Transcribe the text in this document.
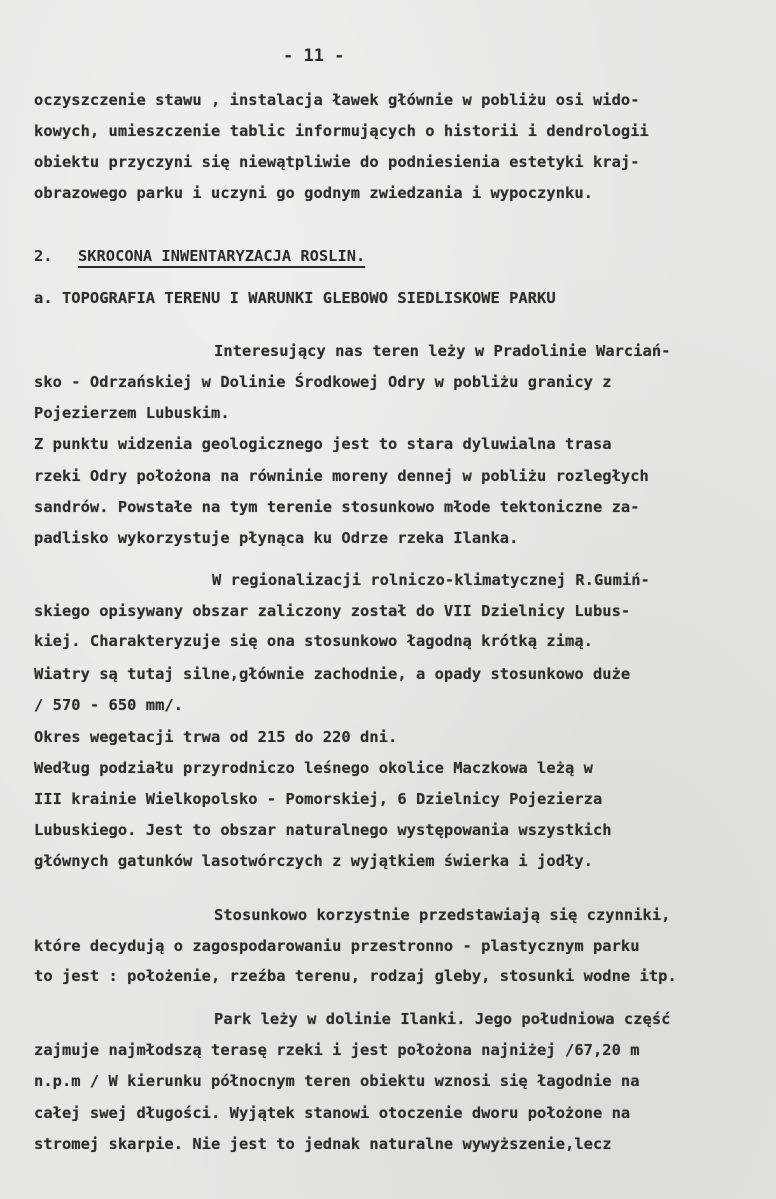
- 11 -
oczyszczenie stawu , instalacja ławek głównie w pobliżu osi wido-
kowych, umieszczenie tablic informujących o historii i dendrologii
obiektu przyczyni się niewątpliwie do podniesienia estetyki kraj-
obrazowego parku i uczyni go godnym zwiedzania i wypoczynku.
2. SKROCONA INWENTARYZACJA ROSLIN.
a. TOPOGRAFIA TERENU I WARUNKI GLEBOWO SIEDLISKOWE PARKU
Interesujący nas teren leży w Pradolinie Warciań-
sko - Odrzańskiej w Dolinie Środkowej Odry w pobliżu granicy z
Pojezierzem Lubuskim.
Z punktu widzenia geologicznego jest to stara dyluwialna trasa
rzeki Odry położona na równinie moreny dennej w pobliżu rozległych
sandrów. Powstałe na tym terenie stosunkowo młode tektoniczne za-
padlisko wykorzystuje płynąca ku Odrze rzeka Ilanka.
W regionalizacji rolniczo-klimatycznej R.Gumiń-
skiego opisywany obszar zaliczony został do VII Dzielnicy Lubus-
kiej. Charakteryzuje się ona stosunkowo łagodną krótką zimą.
Wiatry są tutaj silne,głównie zachodnie, a opady stosunkowo duże
/ 570 - 650 mm/.
Okres wegetacji trwa od 215 do 220 dni.
Według podziału przyrodniczo leśnego okolice Maczkowa leżą w
III krainie Wielkopolsko - Pomorskiej, 6 Dzielnicy Pojezierza
Lubuskiego. Jest to obszar naturalnego występowania wszystkich
głównych gatunków lasotwórczych z wyjątkiem świerka i jodły.
Stosunkowo korzystnie przedstawiają się czynniki,
które decydują o zagospodarowaniu przestronno - plastycznym parku
to jest : położenie, rzeźba terenu, rodzaj gleby, stosunki wodne itp.
Park leży w dolinie Ilanki. Jego południowa część
zajmuje najmłodszą terasę rzeki i jest położona najniżej /67,20 m
n.p.m / W kierunku północnym teren obiektu wznosi się łagodnie na
całej swej długości. Wyjątek stanowi otoczenie dworu położone na
stromej skarpie. Nie jest to jednak naturalne wywyższenie,lecz
